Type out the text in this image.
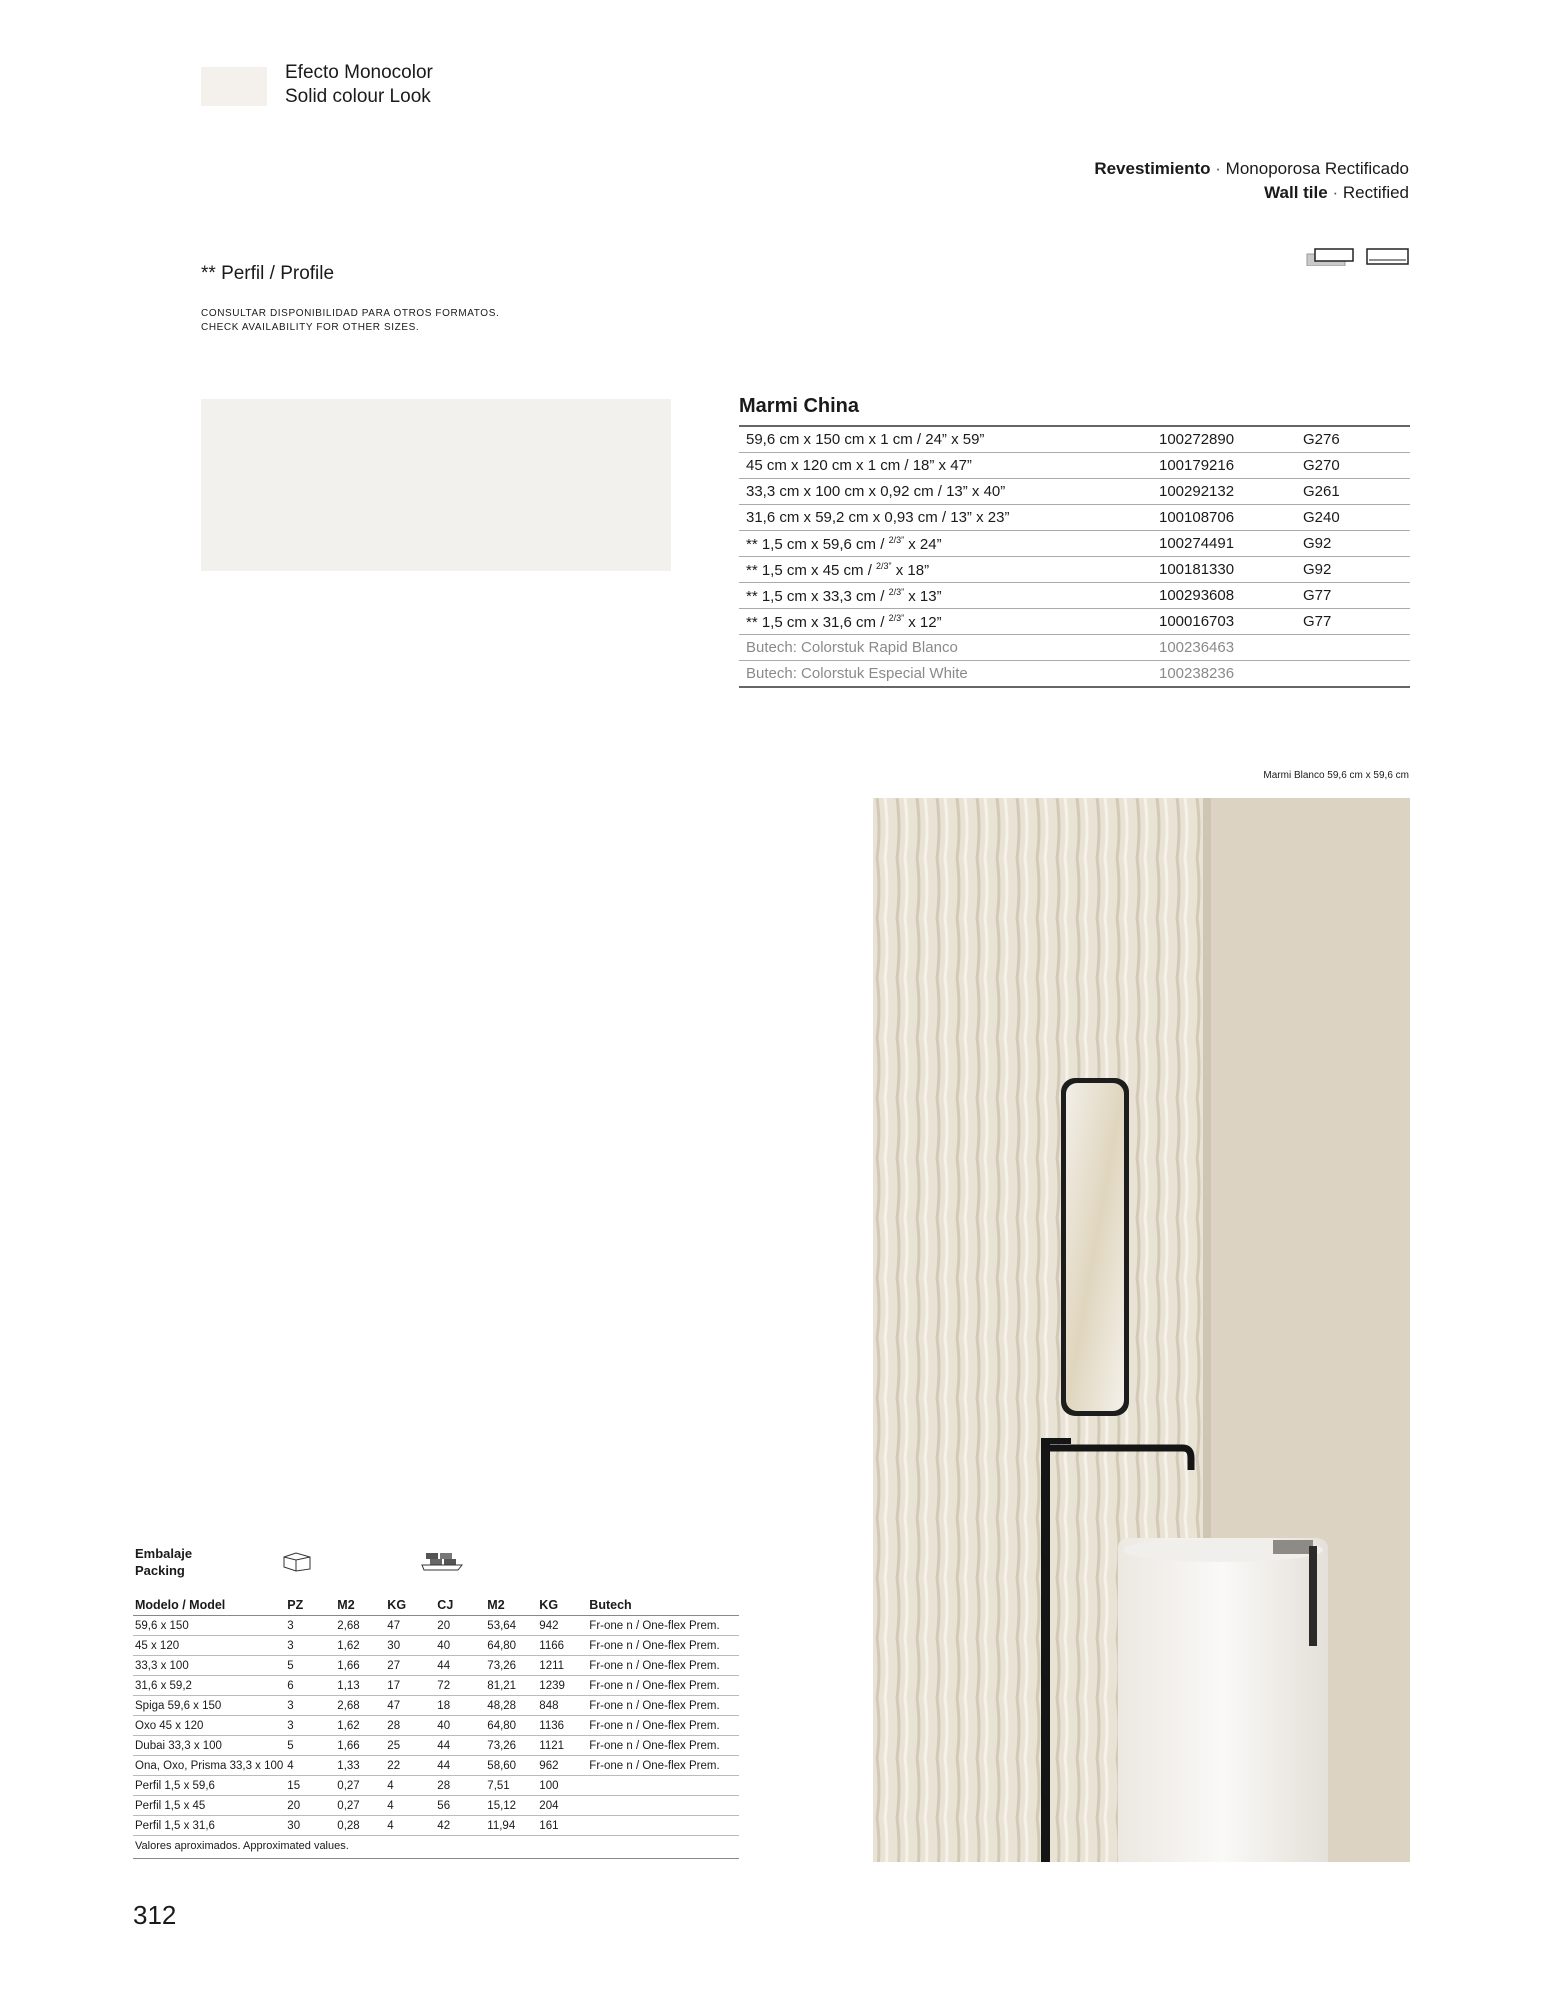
Efecto Monocolor
Solid colour Look
Revestimiento · Monoporosa Rectificado
Wall tile · Rectified
** Perfil / Profile
CONSULTAR DISPONIBILIDAD PARA OTROS FORMATOS.
CHECK AVAILABILITY FOR OTHER SIZES.
Marmi China
59,6 cm x 150 cm x 1 cm / 24” x 59”	100272890	G276
45 cm x 120 cm x 1 cm / 18” x 47”	100179216	G270
33,3 cm x 100 cm x 0,92 cm / 13” x 40”	100292132	G261
31,6 cm x 59,2 cm x 0,93 cm / 13” x 23”	100108706	G240
** 1,5 cm x 59,6 cm / $^{2/3”}$ x 24”	100274491	G92
** 1,5 cm x 45 cm / $^{2/3”}$ x 18”	100181330	G92
** 1,5 cm x 33,3 cm / $^{2/3”}$ x 13”	100293608	G77
** 1,5 cm x 31,6 cm / $^{2/3”}$ x 12”	100016703	G77
Butech: Colorstuk Rapid Blanco	100236463	
Butech: Colorstuk Especial White	100238236	
Marmi Blanco 59,6 cm x 59,6 cm
Embalaje
Packing
Modelo / Model	PZ	M2	KG	CJ	M2	KG	Butech
59,6 x 150	3	2,68	47	20	53,64	942	Fr-one n / One-flex Prem.
45 x 120	3	1,62	30	40	64,80	1166	Fr-one n / One-flex Prem.
33,3 x 100	5	1,66	27	44	73,26	1211	Fr-one n / One-flex Prem.
31,6 x 59,2	6	1,13	17	72	81,21	1239	Fr-one n / One-flex Prem.
Spiga 59,6 x 150	3	2,68	47	18	48,28	848	Fr-one n / One-flex Prem.
Oxo 45 x 120	3	1,62	28	40	64,80	1136	Fr-one n / One-flex Prem.
Dubai 33,3 x 100	5	1,66	25	44	73,26	1121	Fr-one n / One-flex Prem.
Ona, Oxo, Prisma 33,3 x 100	4	1,33	22	44	58,60	962	Fr-one n / One-flex Prem.
Perfil 1,5 x 59,6	15	0,27	4	28	7,51	100	
Perfil 1,5 x 45	20	0,27	4	56	15,12	204	
Perfil 1,5 x 31,6	30	0,28	4	42	11,94	161	
Valores aproximados. Approximated values.
312
